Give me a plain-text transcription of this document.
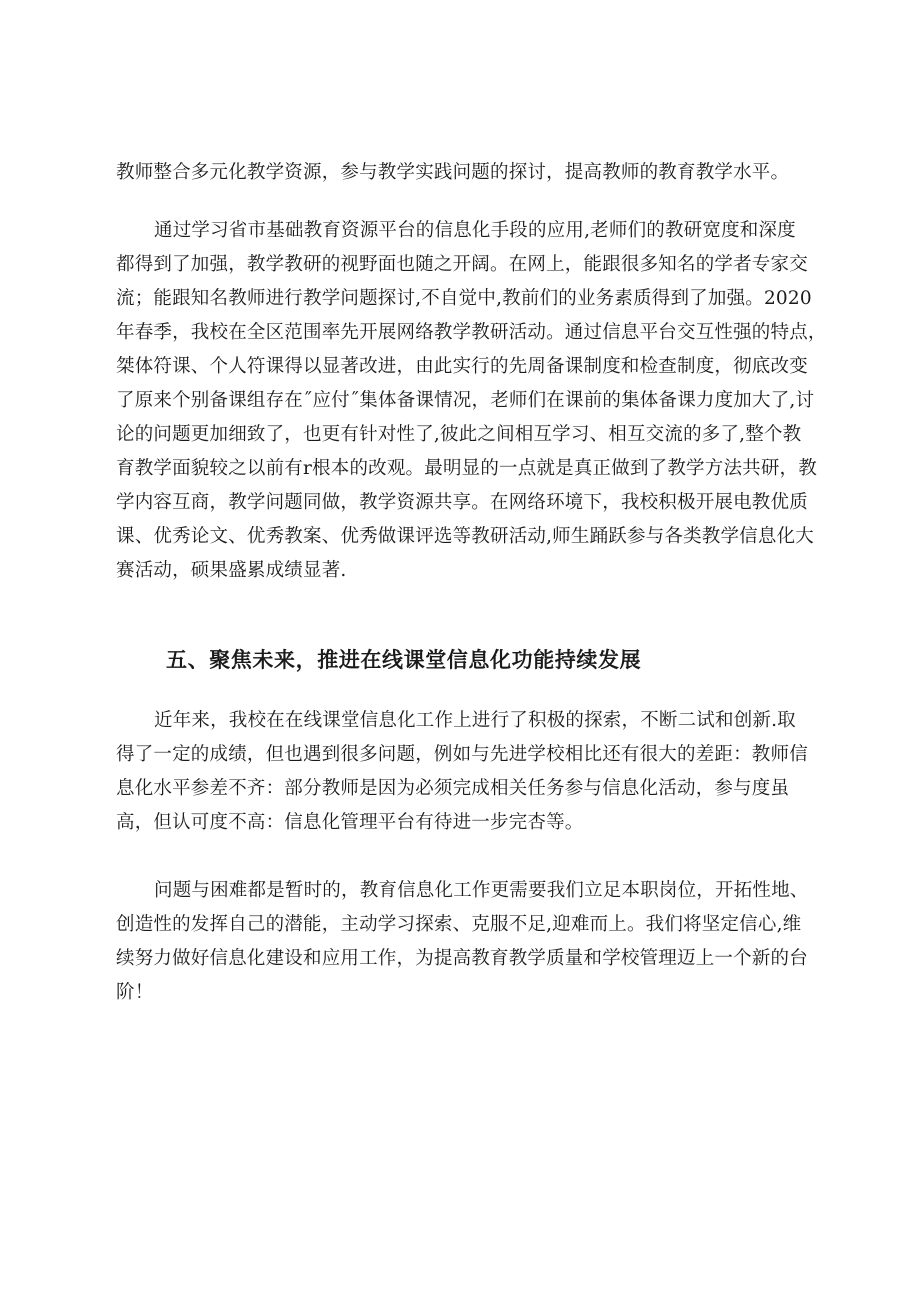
教师整合多元化教学资源，参与教学实践问题的探讨，提高教师的教育教学水平。

通过学习省市基础教育资源平台的信息化手段的应用,老师们的教研宽度和深度
都得到了加强，教学教研的视野面也随之开阔。在网上，能跟很多知名的学者专家交
流；能跟知名教师进行教学问题探讨,不自觉中,教前们的业务素质得到了加强。2020
年春季，我校在全区范围率先开展网络教学教研活动。通过信息平台交互性强的特点，
桀体符课、个人符课得以显著改进，由此实行的先周备课制度和检查制度，彻底改变
了原来个别备课组存在˝应付˝集体备课情况，老师们在课前的集体备课力度加大了,讨
论的问题更加细致了，也更有针对性了,彼此之间相互学习、相互交流的多了,整个教
育教学面貌较之以前有r根本的改观。最明显的一点就是真正做到了教学方法共研，教
学内容互商，教学问题同做，教学资源共享。在网络环境下，我校积极开展电教优质
课、优秀论文、优秀教案、优秀做课评选等教研活动,师生踊跃参与各类教学信息化大
赛活动，硕果盛累成绩显著.

五、聚焦未来，推进在线课堂信息化功能持续发展

近年来，我校在在线课堂信息化工作上进行了积极的探索，不断二试和创新.取
得了一定的成绩，但也遇到很多问题，例如与先进学校相比还有很大的差距：教师信
息化水平参差不齐：部分教师是因为必须完成相关任务参与信息化活动，参与度虽
高，但认可度不高：信息化管理平台有待进一步完杏等。

问题与困难都是暂时的，教育信息化工作更需要我们立足本职岗位，开拓性地、
创造性的发挥自己的潜能，主动学习探索、克服不足,迎难而上。我们将坚定信心,维
续努力做好信息化建设和应用工作，为提高教育教学质量和学校管理迈上一个新的台
阶！
